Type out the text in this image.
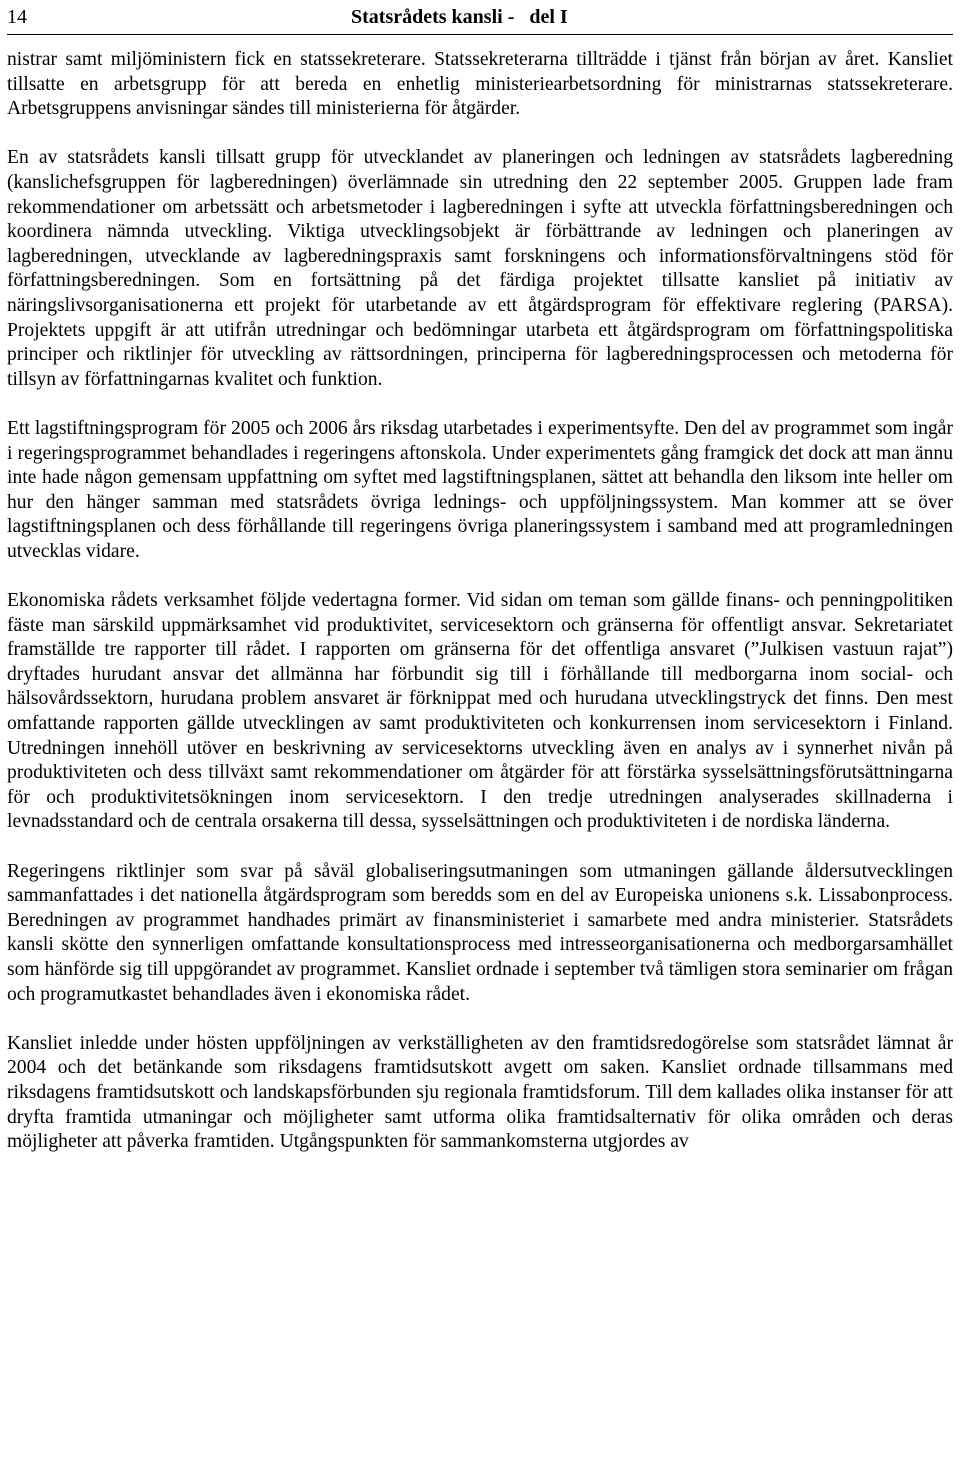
14	Statsrådets kansli -   del I

nistrar samt miljöministern fick en statssekreterare. Statssekreterarna tillträdde i tjänst från början av året. Kansliet tillsatte en arbetsgrupp för att bereda en enhetlig ministeriearbetsordning för ministrarnas statssekreterare. Arbetsgruppens anvisningar sändes till ministerierna för åtgärder.

En av statsrådets kansli tillsatt grupp för utvecklandet av planeringen och ledningen av statsrådets lagberedning (kanslichefsgruppen för lagberedningen) överlämnade sin utredning den 22 september 2005. Gruppen lade fram rekommendationer om arbetssätt och arbetsmetoder i lagberedningen i syfte att utveckla författningsberedningen och koordinera nämnda utveckling. Viktiga utvecklingsobjekt är förbättrande av ledningen och planeringen av lagberedningen, utvecklande av lagberedningspraxis samt forskningens och informationsförvaltningens stöd för författningsberedningen. Som en fortsättning på det färdiga projektet tillsatte kansliet på initiativ av näringslivsorganisationerna ett projekt för utarbetande av ett åtgärdsprogram för effektivare reglering (PARSA). Projektets uppgift är att utifrån utredningar och bedömningar utarbeta ett åtgärdsprogram om författningspolitiska principer och riktlinjer för utveckling av rättsordningen, principerna för lagberedningsprocessen och metoderna för tillsyn av författningarnas kvalitet och funktion.

Ett lagstiftningsprogram för 2005 och 2006 års riksdag utarbetades i experimentsyfte. Den del av programmet som ingår i regeringsprogrammet behandlades i regeringens aftonskola. Under experimentets gång framgick det dock att man ännu inte hade någon gemensam uppfattning om syftet med lagstiftningsplanen, sättet att behandla den liksom inte heller om hur den hänger samman med statsrådets övriga lednings- och uppföljningssystem. Man kommer att se över lagstiftningsplanen och dess förhållande till regeringens övriga planeringssystem i samband med att programledningen utvecklas vidare.

Ekonomiska rådets verksamhet följde vedertagna former. Vid sidan om teman som gällde finans- och penningpolitiken fäste man särskild uppmärksamhet vid produktivitet, servicesektorn och gränserna för offentligt ansvar. Sekretariatet framställde tre rapporter till rådet. I rapporten om gränserna för det offentliga ansvaret (”Julkisen vastuun rajat”) dryftades hurudant ansvar det allmänna har förbundit sig till i förhållande till medborgarna inom social- och hälsovårdssektorn, hurudana problem ansvaret är förknippat med och hurudana utvecklingstryck det finns. Den mest omfattande rapporten gällde utvecklingen av samt produktiviteten och konkurrensen inom servicesektorn i Finland. Utredningen innehöll utöver en beskrivning av servicesektorns utveckling även en analys av i synnerhet nivån på produktiviteten och dess tillväxt samt rekommendationer om åtgärder för att förstärka sysselsättningsförutsättningarna för och produktivitetsökningen inom servicesektorn. I den tredje utredningen analyserades skillnaderna i levnadsstandard och de centrala orsakerna till dessa, sysselsättningen och produktiviteten i de nordiska länderna.

Regeringens riktlinjer som svar på såväl globaliseringsutmaningen som utmaningen gällande åldersutvecklingen sammanfattades i det nationella åtgärdsprogram som beredds som en del av Europeiska unionens s.k. Lissabonprocess. Beredningen av programmet handhades primärt av finansministeriet i samarbete med andra ministerier. Statsrådets kansli skötte den synnerligen omfattande konsultationsprocess med intresseorganisationerna och medborgarsamhället som hänförde sig till uppgörandet av programmet. Kansliet ordnade i september två tämligen stora seminarier om frågan och programutkastet behandlades även i ekonomiska rådet.

Kansliet inledde under hösten uppföljningen av verkställigheten av den framtidsredogörelse som statsrådet lämnat år 2004 och det betänkande som riksdagens framtidsutskott avgett om saken. Kansliet ordnade tillsammans med riksdagens framtidsutskott och landskapsförbunden sju regionala framtidsforum. Till dem kallades olika instanser för att dryfta framtida utmaningar och möjligheter samt utforma olika framtidsalternativ för olika områden och deras möjligheter att påverka framtiden. Utgångspunkten för sammankomsterna utgjordes av
